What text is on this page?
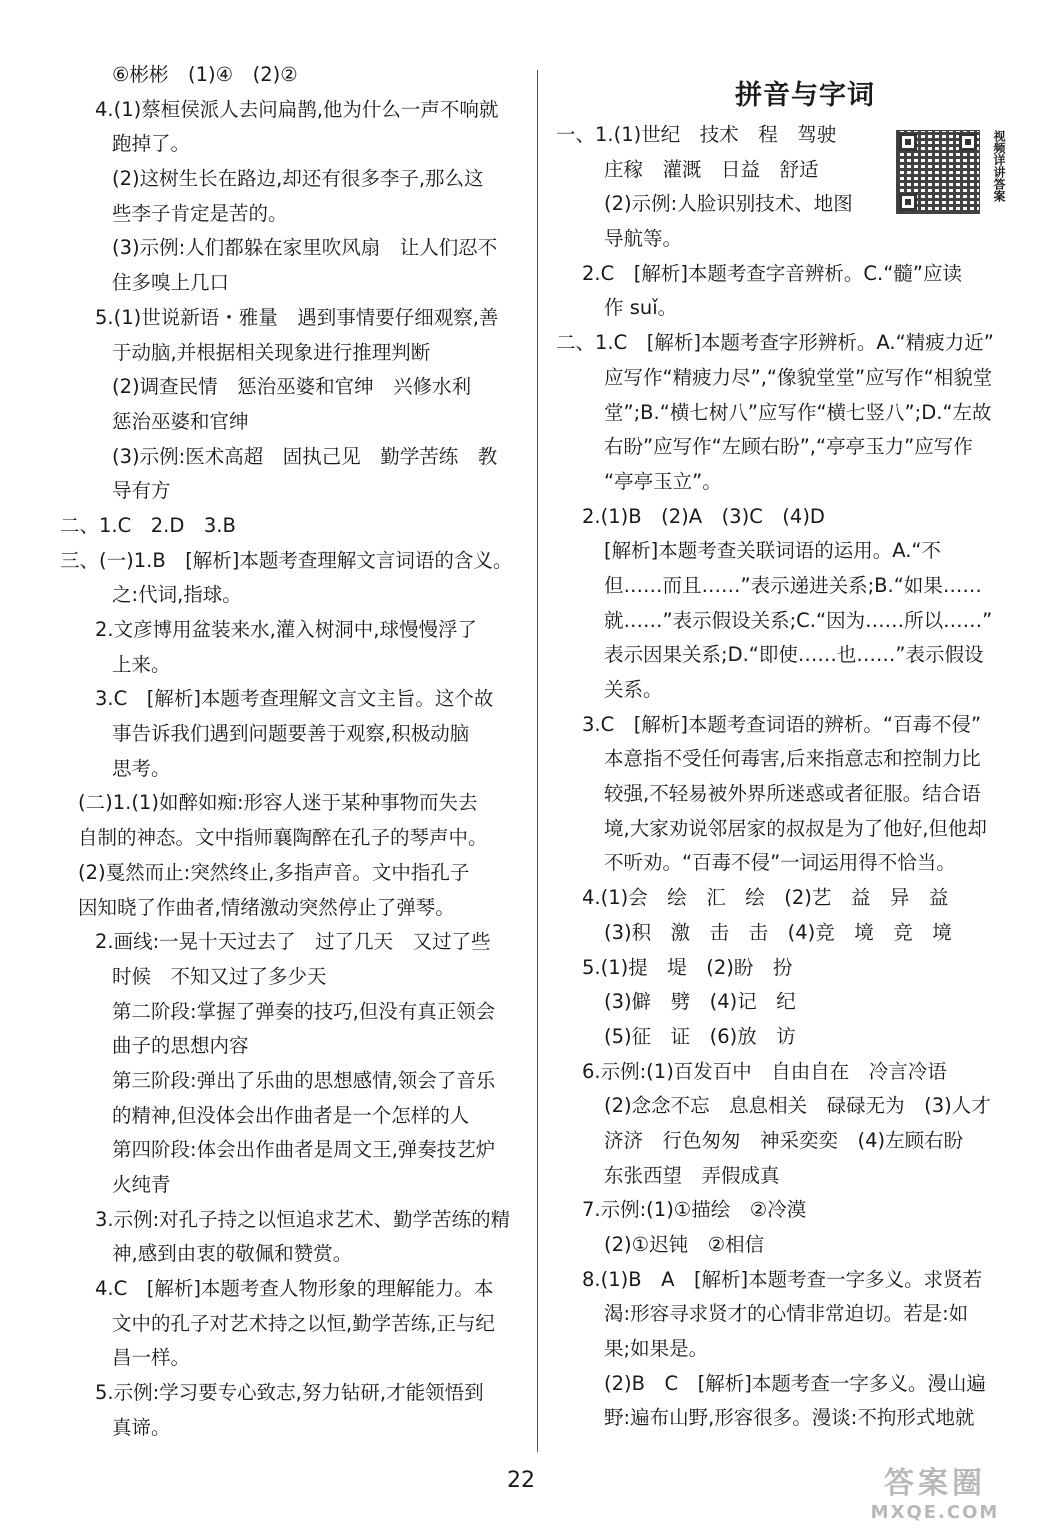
⑥彬彬　(1)④　(2)②
4.(1)蔡桓侯派人去问扁鹊,他为什么一声不响就
跑掉了。
(2)这树生长在路边,却还有很多李子,那么这
些李子肯定是苦的。
(3)示例:人们都躲在家里吹风扇　让人们忍不
住多嗅上几口
5.(1)世说新语・雅量　遇到事情要仔细观察,善
于动脑,并根据相关现象进行推理判断
(2)调查民情　惩治巫婆和官绅　兴修水利
惩治巫婆和官绅
(3)示例:医术高超　固执己见　勤学苦练　教
导有方
二、1.C　2.D　3.B
三、(一)1.B　[解析]本题考查理解文言词语的含义。
之:代词,指球。
2.文彦博用盆装来水,灌入树洞中,球慢慢浮了
上来。
3.C　[解析]本题考查理解文言文主旨。这个故
事告诉我们遇到问题要善于观察,积极动脑
思考。
(二)1.(1)如醉如痴:形容人迷于某种事物而失去
自制的神态。文中指师襄陶醉在孔子的琴声中。
(2)戛然而止:突然终止,多指声音。文中指孔子
因知晓了作曲者,情绪激动突然停止了弹琴。
2.画线:一晃十天过去了　过了几天　又过了些
时候　不知又过了多少天
第二阶段:掌握了弹奏的技巧,但没有真正领会
曲子的思想内容
第三阶段:弹出了乐曲的思想感情,领会了音乐
的精神,但没体会出作曲者是一个怎样的人
第四阶段:体会出作曲者是周文王,弹奏技艺炉
火纯青
3.示例:对孔子持之以恒追求艺术、勤学苦练的精
神,感到由衷的敬佩和赞赏。
4.C　[解析]本题考查人物形象的理解能力。本
文中的孔子对艺术持之以恒,勤学苦练,正与纪
昌一样。
5.示例:学习要专心致志,努力钻研,才能领悟到
真谛。
拼音与字词
视频详讲答案
一、1.(1)世纪　技术　程　驾驶
庄稼　灌溉　日益　舒适
(2)示例:人脸识别技术、地图
导航等。
2.C　[解析]本题考查字音辨析。C.“髓”应读
作 suǐ。
二、1.C　[解析]本题考查字形辨析。A.“精疲力近”
应写作“精疲力尽”,“像貌堂堂”应写作“相貌堂
堂”;B.“横七树八”应写作“横七竖八”;D.“左故
右盼”应写作“左顾右盼”,“亭亭玉力”应写作
“亭亭玉立”。
2.(1)B　(2)A　(3)C　(4)D
[解析]本题考查关联词语的运用。A.“不
但……而且……”表示递进关系;B.“如果……
就……”表示假设关系;C.“因为……所以……”
表示因果关系;D.“即使……也……”表示假设
关系。
3.C　[解析]本题考查词语的辨析。“百毒不侵”
本意指不受任何毒害,后来指意志和控制力比
较强,不轻易被外界所迷惑或者征服。结合语
境,大家劝说邻居家的叔叔是为了他好,但他却
不听劝。“百毒不侵”一词运用得不恰当。
4.(1)会　绘　汇　绘　(2)艺　益　异　益
(3)积　激　击　击　(4)竞　境　竞　境
5.(1)提　堤　(2)盼　扮
(3)僻　劈　(4)记　纪
(5)征　证　(6)放　访
6.示例:(1)百发百中　自由自在　冷言冷语
(2)念念不忘　息息相关　碌碌无为　(3)人才
济济　行色匆匆　神采奕奕　(4)左顾右盼
东张西望　弄假成真
7.示例:(1)①描绘　②冷漠
(2)①迟钝　②相信
8.(1)B　A　[解析]本题考查一字多义。求贤若
渴:形容寻求贤才的心情非常迫切。若是:如
果;如果是。
(2)B　C　[解析]本题考查一字多义。漫山遍
野:遍布山野,形容很多。漫谈:不拘形式地就
22	答案圈
MXQE.COM
